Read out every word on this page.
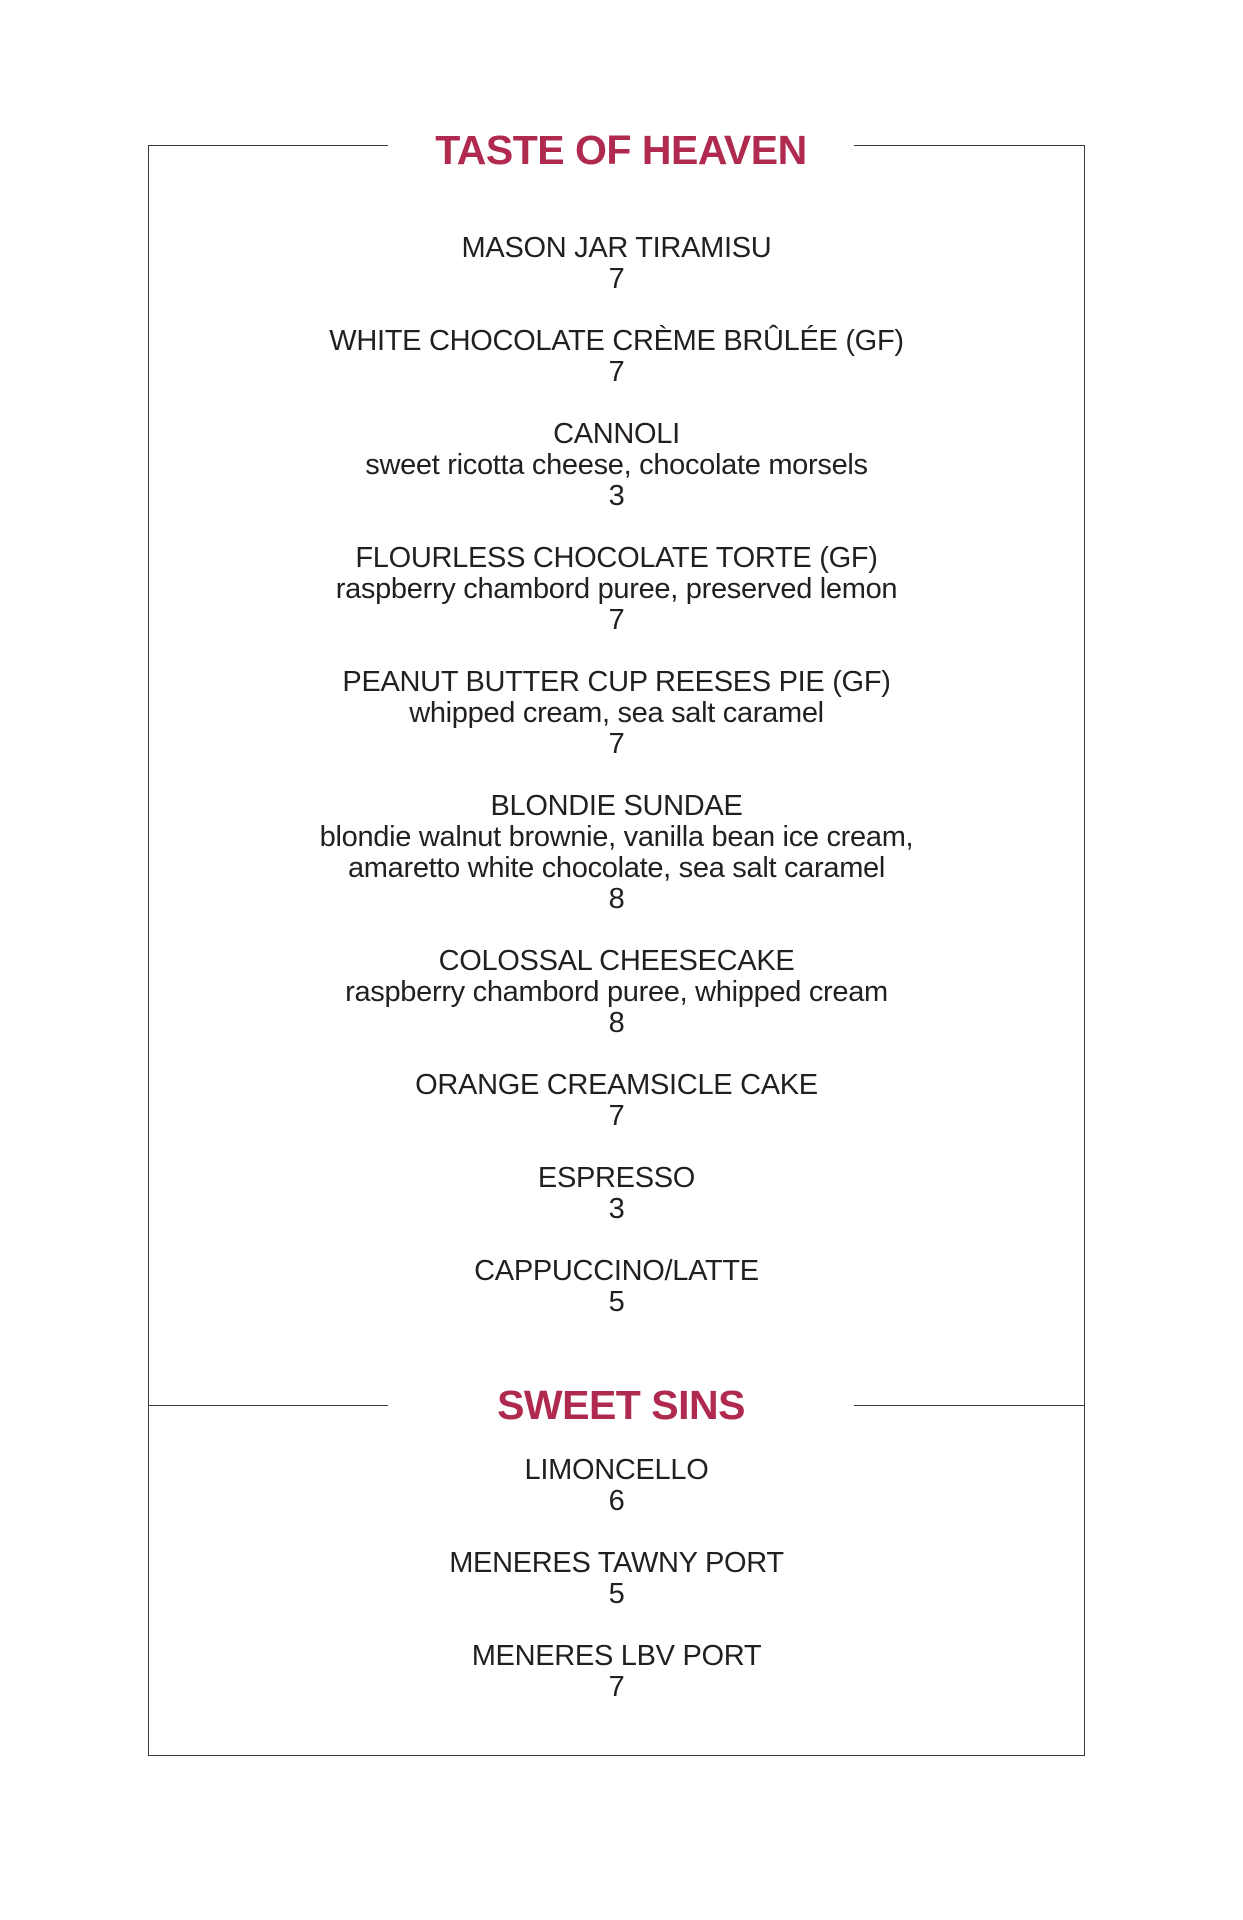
TASTE OF HEAVEN
SWEET SINS
MASON JAR TIRAMISU
7
WHITE CHOCOLATE CRÈME BRÛLÉE (GF)
7
CANNOLI
sweet ricotta cheese, chocolate morsels
3
FLOURLESS CHOCOLATE TORTE (GF)
raspberry chambord puree, preserved lemon
7
PEANUT BUTTER CUP REESES PIE (GF)
whipped cream, sea salt caramel
7
BLONDIE SUNDAE
blondie walnut brownie, vanilla bean ice cream,
amaretto white chocolate, sea salt caramel
8
COLOSSAL CHEESECAKE
raspberry chambord puree, whipped cream
8
ORANGE CREAMSICLE CAKE
7
ESPRESSO
3
CAPPUCCINO/LATTE
5
LIMONCELLO
6
MENERES TAWNY PORT
5
MENERES LBV PORT
7
